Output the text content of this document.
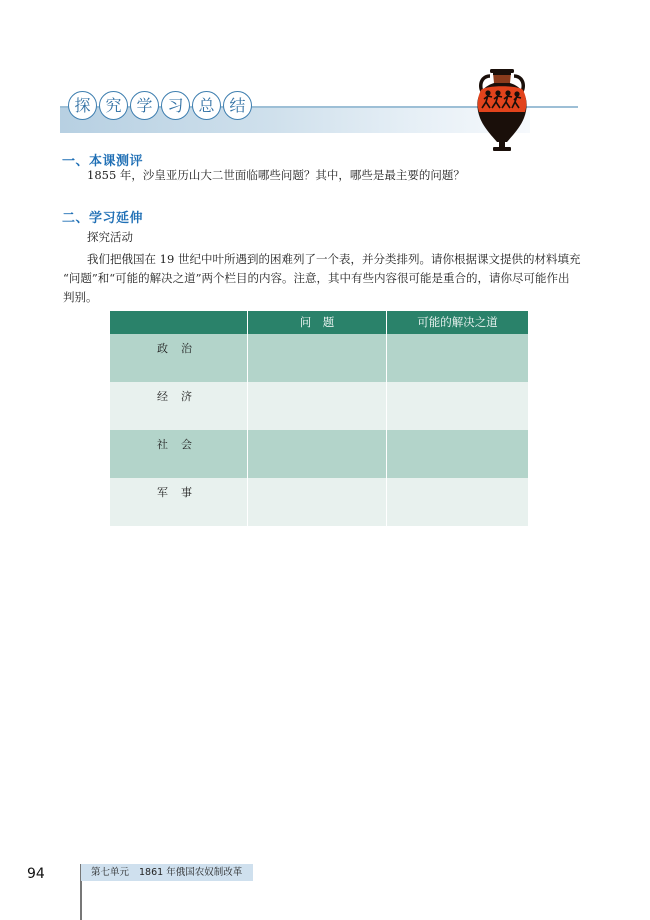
探 究 学 习 总 结
一、本课测评
1855 年，沙皇亚历山大二世面临哪些问题？其中，哪些是最主要的问题？
二、学习延伸
探究活动
我们把俄国在 19 世纪中叶所遇到的困难列了一个表，并分类排列。请你根据课文提供的材料填充
“问题”和“可能的解决之道”两个栏目的内容。注意，其中有些内容很可能是重合的，请你尽可能作出
判别。
问　题	可能的解决之道
政治
经济
社会
军事
94	第七单元 1861 年俄国农奴制改革
